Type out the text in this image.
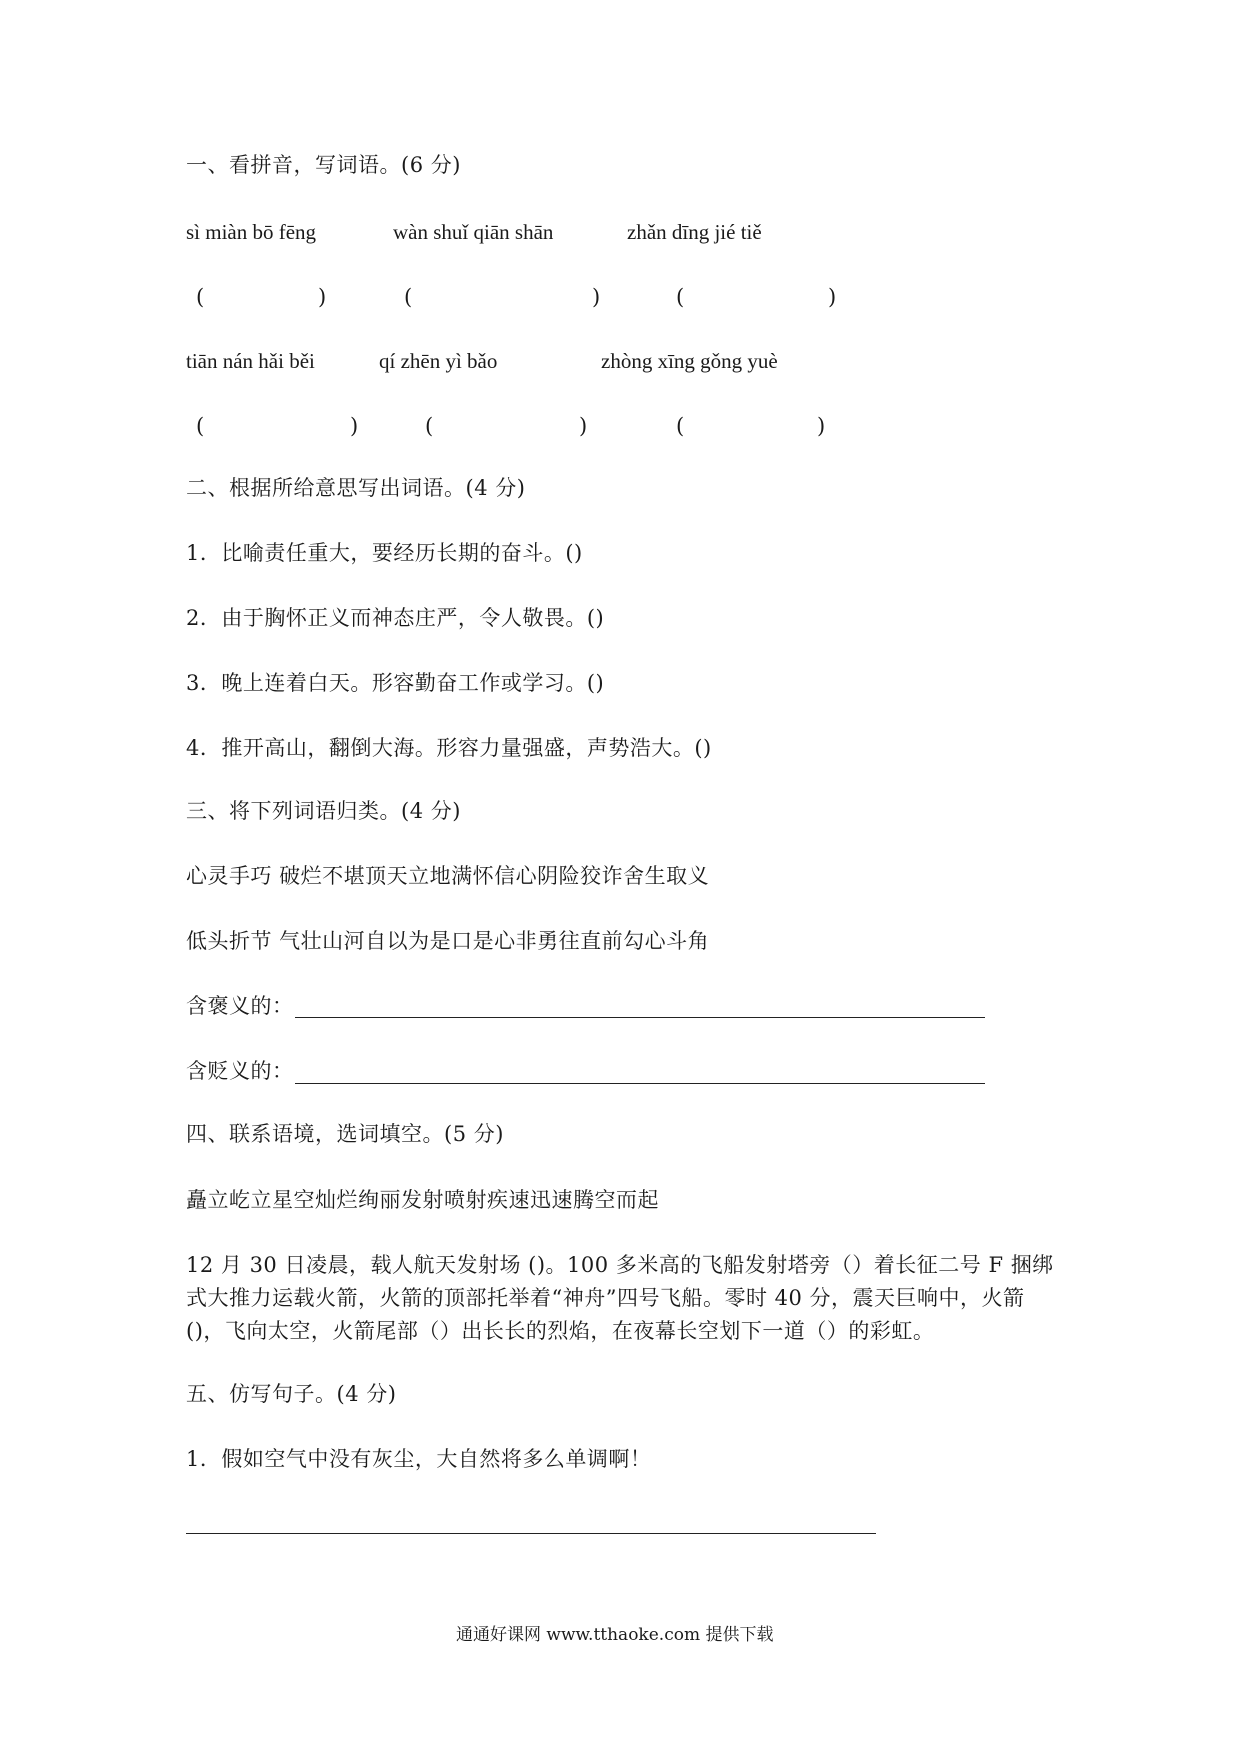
一、看拼音，写词语。(6 分)
sì miàn bō fēng	wàn shuǐ qiān shān	zhǎn dīng jié tiě
(	)	(	)	(	)
tiān nán hǎi běi	qí zhēn yì bǎo	zhòng xīng gǒng yuè
(	)	(	)	(	)
二、根据所给意思写出词语。(4 分)
1．比喻责任重大，要经历长期的奋斗。()
2．由于胸怀正义而神态庄严，令人敬畏。()
3．晚上连着白天。形容勤奋工作或学习。()
4．推开高山，翻倒大海。形容力量强盛，声势浩大。()
三、将下列词语归类。(4 分)
心灵手巧 破烂不堪顶天立地满怀信心阴险狡诈舍生取义
低头折节 气壮山河自以为是口是心非勇往直前勾心斗角
含褒义的：
含贬义的：
四、联系语境，选词填空。(5 分)
矗立屹立星空灿烂绚丽发射喷射疾速迅速腾空而起
12 月 30 日凌晨，载人航天发射场 ()。100 多米高的飞船发射塔旁（）着长征二号 F 捆绑
式大推力运载火箭，火箭的顶部托举着“神舟”四号飞船。零时 40 分，震天巨响中，火箭
()，飞向太空，火箭尾部（）出长长的烈焰，在夜幕长空划下一道（）的彩虹。
五、仿写句子。(4 分)
1．假如空气中没有灰尘，大自然将多么单调啊！
通通好课网 www.tthaoke.com 提供下载
